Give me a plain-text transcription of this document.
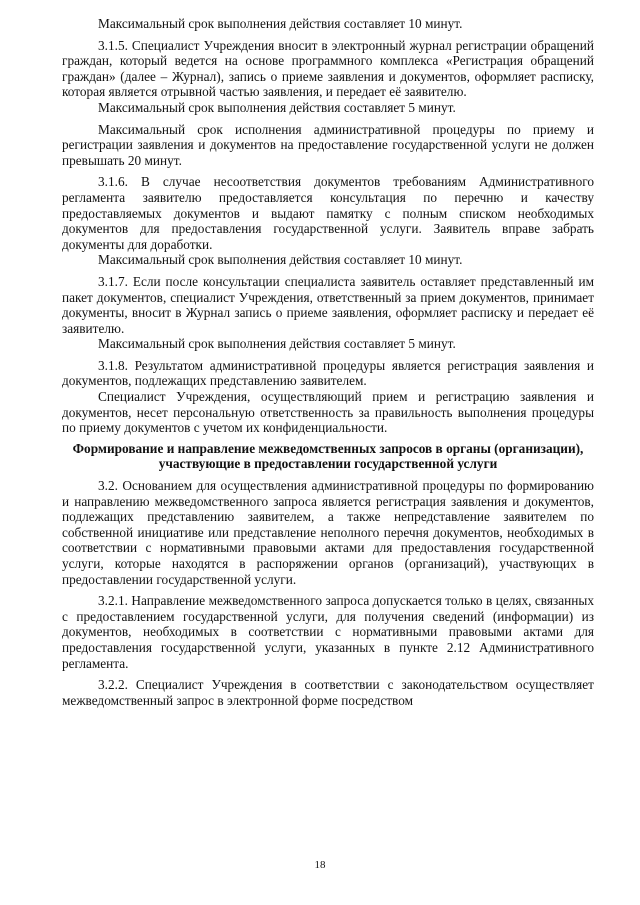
Максимальный срок выполнения действия составляет 10 минут.

3.1.5. Специалист Учреждения вносит в электронный журнал регистрации обращений граждан, который ведется на основе программного комплекса «Регистрация обращений граждан» (далее – Журнал), запись о приеме заявления и документов, оформляет расписку, которая является отрывной частью заявления, и передает её заявителю.

Максимальный срок выполнения действия составляет 5 минут.

Максимальный срок исполнения административной процедуры по приему и регистрации заявления и документов на предоставление государственной услуги не должен превышать 20 минут.

3.1.6. В случае несоответствия документов требованиям Административного регламента заявителю предоставляется консультация по перечню и качеству предоставляемых документов и выдают памятку с полным списком необходимых документов для предоставления государственной услуги. Заявитель вправе забрать документы для доработки.

Максимальный срок выполнения действия составляет 10 минут.

3.1.7. Если после консультации специалиста заявитель оставляет представленный им пакет документов, специалист Учреждения, ответственный за прием документов, принимает документы, вносит в Журнал запись о приеме заявления, оформляет расписку и передает её заявителю.

Максимальный срок выполнения действия составляет 5 минут.

3.1.8. Результатом административной процедуры является регистрация заявления и документов, подлежащих представлению заявителем.

Специалист Учреждения, осуществляющий прием и регистрацию заявления и документов, несет персональную ответственность за правильность выполнения процедуры по приему документов с учетом их конфиденциальности.

Формирование и направление межведомственных запросов в органы (организации), участвующие в предоставлении государственной услуги

3.2. Основанием для осуществления административной процедуры по формированию и направлению межведомственного запроса является регистрация заявления и документов, подлежащих представлению заявителем, а также непредставление заявителем по собственной инициативе или представление неполного перечня документов, необходимых в соответствии с нормативными правовыми актами для предоставления государственной услуги, которые находятся в распоряжении органов (организаций), участвующих в предоставлении государственной услуги.

3.2.1. Направление межведомственного запроса допускается только в целях, связанных с предоставлением государственной услуги, для получения сведений (информации) из документов, необходимых в соответствии с нормативными правовыми актами для предоставления государственной услуги, указанных в пункте 2.12 Административного регламента.

3.2.2. Специалист Учреждения в соответствии с законодательством осуществляет межведомственный запрос в электронной форме посредством

18
